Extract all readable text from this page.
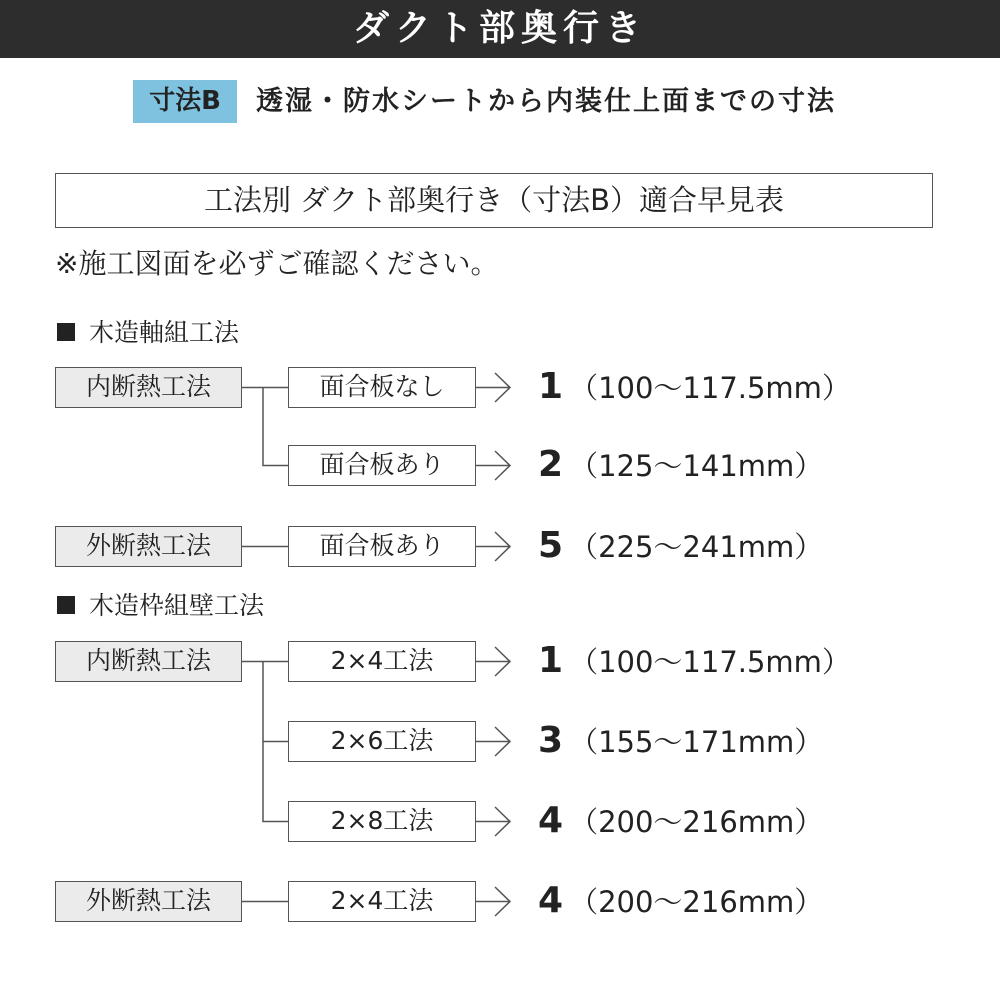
ダクト部奥行き
寸法B	透湿・防水シートから内装仕上面までの寸法
工法別 ダクト部奥行き（寸法B）適合早見表
※施工図面を必ずご確認ください。
木造軸組工法
内断熱工法	面合板なし	1 （100〜117.5mm）
面合板あり	2 （125〜141mm）
外断熱工法	面合板あり	5 （225〜241mm）
木造枠組壁工法
内断熱工法	2×4工法	1 （100〜117.5mm）
2×6工法	3 （155〜171mm）
2×8工法	4 （200〜216mm）
外断熱工法	2×4工法	4 （200〜216mm）
